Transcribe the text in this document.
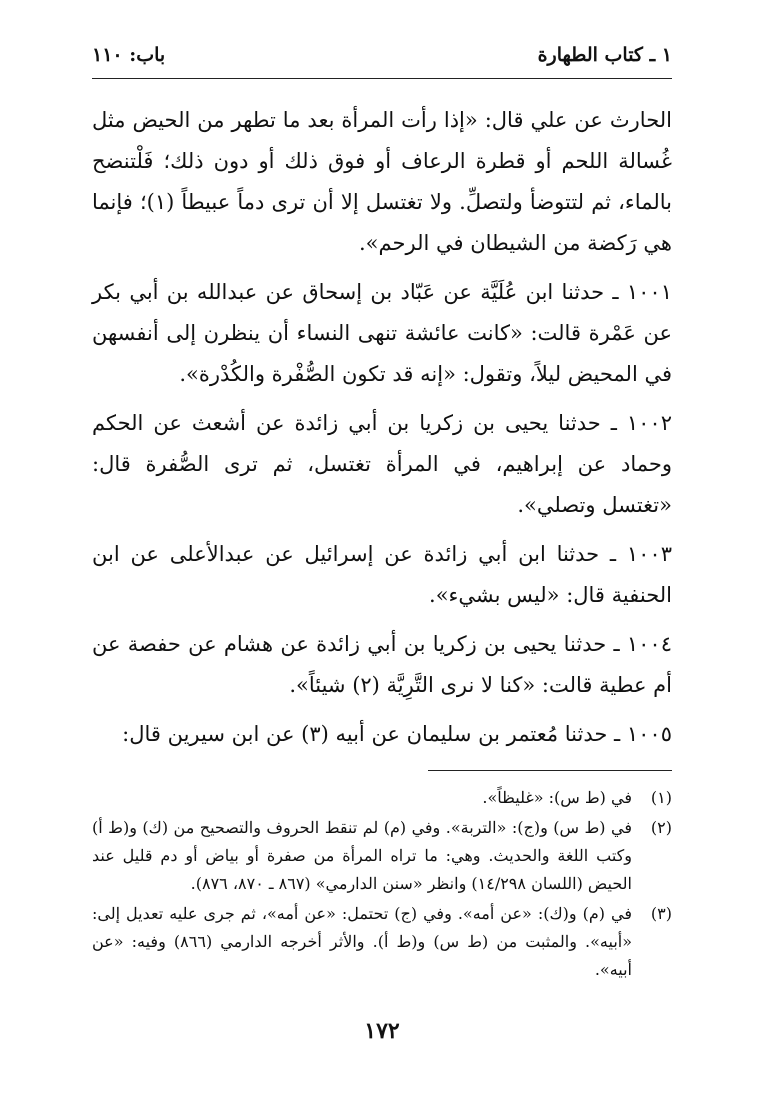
١ ـ كتاب الطهارة
باب: ١١٠

الحارث عن علي قال: «إذا رأت المرأة بعد ما تطهر من الحيض مثل غُسالة اللحم أو قطرة الرعاف أو فوق ذلك أو دون ذلك؛ فَلْتنضح بالماء، ثم لتتوضأ ولتصلِّ. ولا تغتسل إلا أن ترى دماً عبيطاً (١)؛ فإنما هي رَكضة من الشيطان في الرحم».

١٠٠١ ـ حدثنا ابن عُلَيَّة عن عَبّاد بن إسحاق عن عبدالله بن أبي بكر عن عَمْرة قالت: «كانت عائشة تنهى النساء أن ينظرن إلى أنفسهن في المحيض ليلاً، وتقول: «إنه قد تكون الصُّفْرة والكُدْرة».

١٠٠٢ ـ حدثنا يحيى بن زكريا بن أبي زائدة عن أشعث عن الحكم وحماد عن إبراهيم، في المرأة تغتسل، ثم ترى الصُّفرة قال: «تغتسل وتصلي».

١٠٠٣ ـ حدثنا ابن أبي زائدة عن إسرائيل عن عبدالأعلى عن ابن الحنفية قال: «ليس بشيء».

١٠٠٤ ـ حدثنا يحيى بن زكريا بن أبي زائدة عن هشام عن حفصة عن أم عطية قالت: «كنا لا نرى التَّرِيَّة (٢) شيئاً».

١٠٠٥ ـ حدثنا مُعتمر بن سليمان عن أبيه (٣) عن ابن سيرين قال:

(١)
في (ط س): «غليظاً».
(٢)
في (ط س) و(ج): «التربة». وفي (م) لم تنقط الحروف والتصحيح من (ك) و(ط أ) وكتب اللغة والحديث. وهي: ما تراه المرأة من صفرة أو بياض أو دم قليل عند الحيض (اللسان ١٤/٢٩٨) وانظر «سنن الدارمي» (٨٦٧ ـ ٨٧٠، ٨٧٦).
(٣)
في (م) و(ك): «عن أمه». وفي (ج) تحتمل: «عن أمه»، ثم جرى عليه تعديل إلى: «أبيه». والمثبت من (ط س) و(ط أ). والأثر أخرجه الدارمي (٨٦٦) وفيه: «عن أبيه».
١٧٢
